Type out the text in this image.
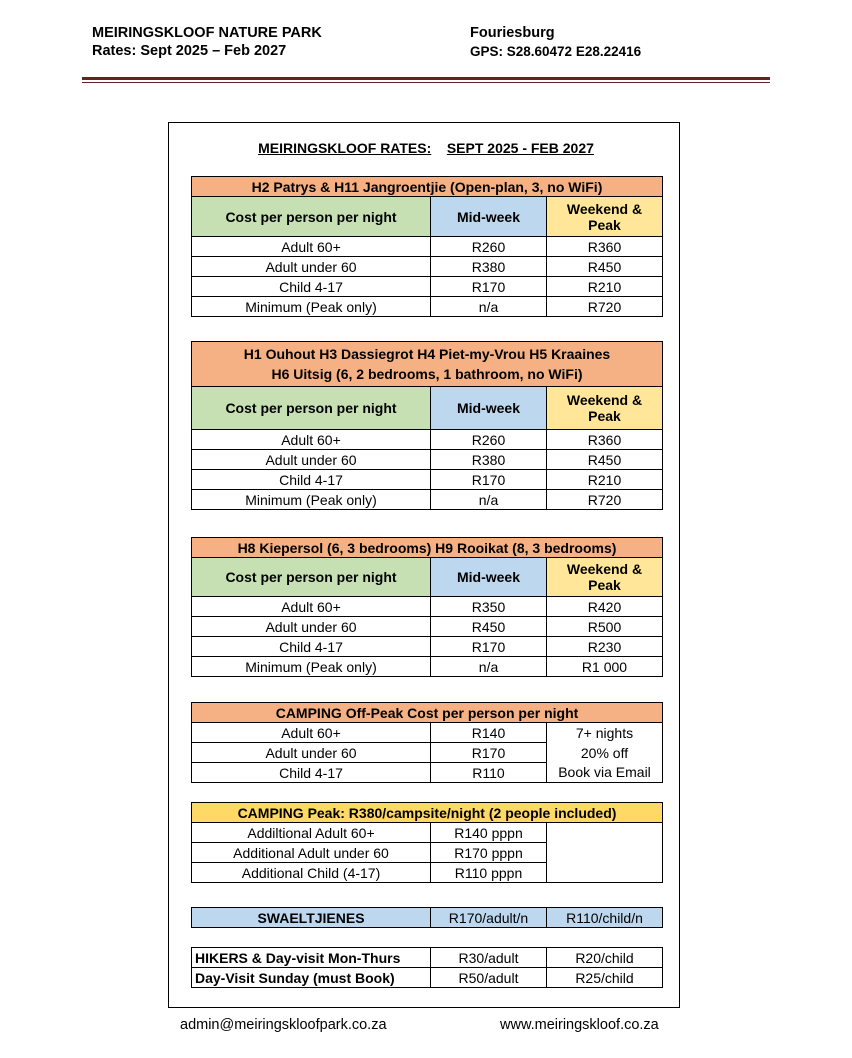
MEIRINGSKLOOF NATURE PARK
Rates: Sept 2025 – Feb 2027
Fouriesburg
GPS: S28.60472 E28.22416
MEIRINGSKLOOF RATES: SEPT 2025 - FEB 2027
H2 Patrys & H11 Jangroentjie (Open-plan, 3, no WiFi)		
Cost per person per night	Mid-week	Weekend &
Peak
Adult 60+	R260	R360
Adult under 60	R380	R450
Child 4-17	R170	R210
Minimum (Peak only)	n/a	R720
H1 Ouhout H3 Dassiegrot H4 Piet-my-Vrou H5 Kraaines
H6 Uitsig (6, 2 bedrooms, 1 bathroom, no WiFi)		
Cost per person per night	Mid-week	Weekend &
Peak
Adult 60+	R260	R360
Adult under 60	R380	R450
Child 4-17	R170	R210
Minimum (Peak only)	n/a	R720
H8 Kiepersol (6, 3 bedrooms) H9 Rooikat (8, 3 bedrooms)		
Cost per person per night	Mid-week	Weekend &
Peak
Adult 60+	R350	R420
Adult under 60	R450	R500
Child 4-17	R170	R230
Minimum (Peak only)	n/a	R1 000
CAMPING Off-Peak Cost per person per night		
Adult 60+	R140	7+ nights
Adult under 60	R170	20% off
Child 4-17	R110	Book via Email
CAMPING Peak: R380/campsite/night (2 people included)		
Addiltional Adult 60+	R140 pppn	
Additional Adult under 60	R170 pppn	
Additional Child (4-17)	R110 pppn	
SWAELTJIENES	R170/adult/n	R110/child/n
HIKERS & Day-visit Mon-Thurs	R30/adult	R20/child
Day-Visit Sunday (must Book)	R50/adult	R25/child
admin@meiringskloofpark.co.za	www.meiringskloof.co.za
